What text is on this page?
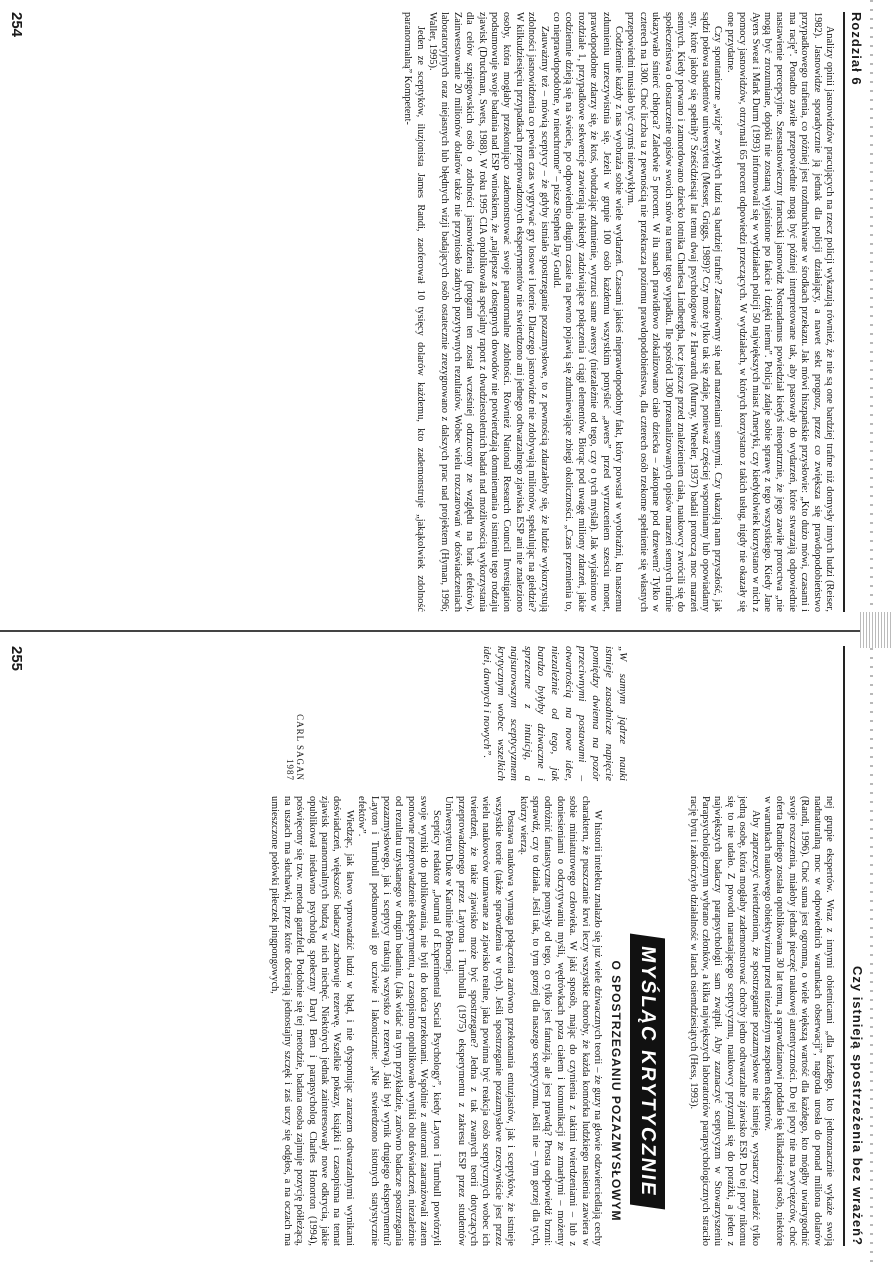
Rozdział 6

Analizy opinii jasnowidzów pracujących na rzecz policji wykazują również, że nie są one bardziej trafne niż domysły innych ludzi (Reiser, 1982). Jasnowidze sporadycznie ją jednak dla policji działający, a nawet sekt prognoz, przez co zwiększa się prawdopodobieństwo przypadkowego trafienia, co później jest rozdmuchiwane w środkach przekazu. Jak mówi hiszpańskie przysłowie: „Kto dużo mówi, czasami i ma rację”. Ponadto zawiłe przepowiednie mogą być później interpretowane tak, aby pasowały do wydarzeń, które stwarzają odpowiednie nastawienie percepcyjne. Szesnastowieczny francuski jasnowidz Nostradamus powiedział kiedyś nieopatrznie, że jego zawiłe proroctwa „nie mogą być zrozumiane, dopóki nie zostaną wyjaśnione po fakcie i dzięki niemu”. Policja zdaje sobie sprawę z tego wszystkiego. Kiedy Jane Ayers Sweat i Mark Durm (1993) informowali się w wydziałach policji 50 największych miast Ameryki, czy kiedykolwiek korzystano w nich z pomocy jasnowidzów, otrzymali 65 procent odpowiedzi przeczących. W wydziałach, w których korzystano z takich usług, nigdy nie okazały się one przydatne.

Czy spontaniczne „wizje” zwykłych ludzi są bardziej trafne? Zastanówmy się nad marzeniami sennymi. Czy ukazują nam przyszłość, jak sądzi połowa studentów uniwersytetu (Messer, Griggs, 1989)? Czy może tylko tak się zdaje, ponieważ częściej wspominamy lub opowiadamy sny, które jakoby się spełniły? Sześćdziesiąt lat temu dwaj psychologowie z Harvardu (Murray, Wheeler, 1937) badali proroczą moc marzeń sennych. Kiedy porwano i zamordowano dziecko lotnika Charlesa Lindbergha, lecz jeszcze przed znalezieniem ciała, naukowcy zwrócili się do społeczeństwa o dostarczenie opisów swoich snów na temat tego wypadku. Ile spośród 1300 przeanalizowanych opisów marzeń sennych trafnie ukazywało śmierć chłopca? Zaledwie 5 procent. W ilu snach prawidłowo zlokalizowano ciało dziecka – zakopane pod drzewem? Tylko w czterech na 1300. Choć liczba ta z pewnością nie przekracza poziomu prawdopodobieństwa, dla czterech osób rzekome spełnienie się własnych przepowiedni musiało być czymś niezwykłym.

Codziennie każdy z nas wyobraża sobie wiele wydarzeń. Czasami jakieś nieprawdopodobny fakt, który powstał w wyobraźni, ku naszemu zdumieniu urzeczywistnia się. Jeżeli w grupie 100 osób każdemu wszystkim ponyśleć „awers” przed wyrzuceniem szesciu monet, prawdopodobne zdarzy się, że ktoś, wbudzając zdumienie, wyrzuci same awersy (niezależnie od tego, czy o tych myślał). Jak wyjaśniono w rozdziale 1, przypadkowe sekwencje zawierają niekiedy zadziwiające połączenia i ciągi elementów. Biorąc pod uwagę miliony zdarzeń, jakie codziennie dzieją się na świecie, po odpowiednio długim czasie na pewno pojawią się zdumiewające zbiegi okoliczności. „Czas przemienia to, co nieprawdopodobne, w nieuchronne” – pisze Stephen Jay Gould.

Zauważmy też – mówią sceptycy – że gdyby istniało spostrzeganie pozazmysłowe, to z pewnością zdarzałoby się, że ludzie wykorzystują zdolności jasnowidzenia co pewien czas wygrywać gry losowe i loterie. Dlaczego jasnowidze nie zdobywają milionów, spekulując na giełdzie? W kilkudziesięciu przypadkach przeprowadzonych eksperymentów nie stwierdzono ani jednego odtwarzalnego zjawiska ESP ani nie znaleziono osoby, która mogłaby przekonująco zademonstrować swoje paranormalne zdolności. Również National Research Council Investigation podsumowuje swoje badania nad ESP wnioskiem, że „najlepsze z dostępnych dowodów nie potwierdzają domniemania o istnieniu tego rodzaju zjawisk (Druckman, Swets, 1988). W roku 1995 CIA opublikowała specjalny raport z dwudziestoletnich badań nad możliwością wykorzystania dla celów szpiegowskich osób o zdolności jasnowidzenia (program ten został wcześniej odrzucony ze względu na brak efektów). Zainwestowanie 20 milionów dolarów także nie przyniosło żadnych pozytywnych rezultatów. Wobec wielu rozczarowań w doświadczeniach laboratoryjnych oraz niejasnych lub błędnych wizji badających osób ostatecznie zrezygnowano z dalszych prac nad projektem (Hyman, 1996; Waller, 1995).

Jeden ze sceptyków, iluzjonista James Randi, zaoferował 10 tysięcy dolarów każdemu, kto zademonstruje „jakąkolwiek zdolność paranormalną” Kompetent-

254
Czy istnieją spostrzeżenia bez wrażeń?

nej grupie ekspertów. Wraz z innymi obietnicami „dla każdego, kto jednoznacznie wykaże swoją nadnaturalną moc w odpowiednich warunkach obserwacji”, nagroda urosła do ponad miliona dolarów (Randi, 1996). Choć suma jest ogromna, o wiele większą wartość dla każdego, kto mógłby uwiarygodnić swoje roszczenia, miałoby jednak pieczęć naukowej autentyczności. Do tej pory nie ma zwycięzców, choć oferta Randiego została opublikowana 30 lat temu, a sprawdzianowi poddało się kilkadziesiąt osób, niektóre w warunkach naukowego obiektywizmu przed niezależnym zespołem ekspertów.

Aby zaprzeczyć twierdzeniom, że spostrzeganie pozazmysłowe nie istnieje, wystarczy znaleźć tylko jedną osobę, która mogłaby zademonstrować choćby jedno odtwarzalne zjawisko ESP. Do tej pory nikomu się to nie udało. Z powodu narastającego sceptycyzmu, naukowcy przyznali się do porażki, a jeden z największych badaczy parapsychologii sam zwątpił. Aby zaznaczyć sceptycyzm w Stowarzyszeniu Parapsychologicznym wybrano członków, a kilka największych laboratoriów parapsychologicznych straciło rację bytu i zakończyło działalność w latach osiemdziesiątych (Hess, 1993).

MYŚLĄC KRYTYCZNIE
O SPOSTRZEGANIU POZAZMYSŁOWYM

W historii intelektu znalazło się już wiele dziwacznych teorii – że guzy na głowie odzwierciedlają cechy charakteru, że puszczanie krwi leczy wszystkie choroby, że każda komórka ludzkiego nasienia zawiera w sobie miniaturowego człowieka. W jaki sposób, mając do czynienia z takimi twierdzeniami – lub z doniesieniami o odczytywaniu myśli, wędrówkach poza ciałem i komunikacji ze zmarłymi – możemy odróżnić fantastyczne pomysły od tego, co tylko jest fantazją, ale jest prawdą? Prosta odpowiedź brzmi: sprawdź, czy to działa. Jeśli tak, to tym gorzej dla naszego sceptycyzmu. Jeśli nie – tym gorzej dla tych, którzy wierzą.

Postawa naukowa wymaga połączenia zarówno przekonania entuzjastów, jak i sceptyków, że istnieje wszystkie teorie (także sprawdzenia w tych). Jeśli spostrzeganie pozazmysłowe rzeczywiście jest przez wielu naukowców uznawane za zjawisko realne, jaka powinna być reakcja osób sceptycznych wobec ich twierdzeń, że takie zjawisko może być spostrzegane? Jedna z tak zwanych teorii dotyczących przeprowadzonego przez Laytona i Turnbulla (1975) eksperymentu z zakresu ESP przez studentów Uniwersytetu Duke w Karolinie Północnej.

Scepticy redaktor „Journal of Experimental Social Psychology”, kiedy Layton i Turnbull powtórzyli swoje wyniki do publikowania, nie byli do końca przekonani. Wspólnie z autorami zaaranżowali zatem ponowne przeprowadzenie eksperymentu, a czasopismo opublikowało wyniki obu doświadczeń, niezależnie od rezultatu uzyskanego w drugim badaniu. (Jak widać na tym przykładzie, zarówno badacze spostrzegania pozazmysłowego, jak i sceptycy traktują wszystko z rezerwą). Jaki był wynik drugiego eksperymentu? Layton i Turnbull podsumowali go ucziwie i lakonicznie: „Nie stwierdzono istotnych statystycznie efektów”.

Wiedząc, jak łatwo wprowadzić ludzi w błąd, i nie dysponując zarazem odtwarzalnymi wynikami doświadczeń, większość badaczy zachowuje rezerwę. Wszelkie pokazy, książki i czasopisma na temat zjawisk paranormalnych budzą w nich niechęć. Niektórych jednak zainteresowały nowe odkrycia, jakie opublikował niedawno psycholog społeczny Daryl Bem i parapsycholog Charles Honorton (1994), poświęcony się tzw. metoda ganzfeld. Podobnie się tej metodzie, badana osoba zajmuje pozycję półleżącą, na uszach ma słuchawki, przez które docierają jednostajny szczęk i zaś uczy się odgłos, a na oczach ma umieszczone połówki piłeczek pingpongowych,

„W samym jądrze nauki istnieje zasadnicze napięcie pomiędzy dwiema na pozór przeciwnymi postawami – otwartością na nowe idee, niezależnie od tego, jak bardzo byłyby dziwaczne i sprzeczne z intuicją, a najsurowszym sceptycyzmem krytycznym wobec wszelkich idei, dawnych i nowych”.
CARL SAGAN
1987
255
